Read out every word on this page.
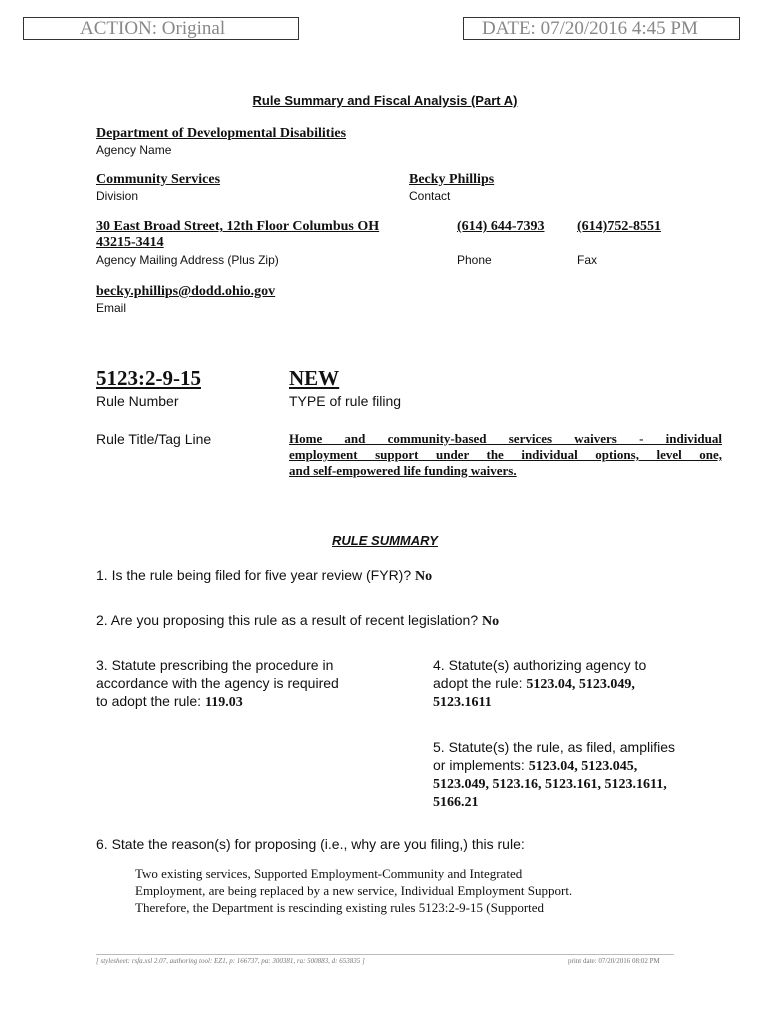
ACTION: Original	DATE: 07/20/2016 4:45 PM
Rule Summary and Fiscal Analysis (Part A)
Department of Developmental Disabilities
Agency Name
Community Services
Division
Becky Phillips
Contact
30 East Broad Street, 12th Floor Columbus OH
43215-3414
Agency Mailing Address (Plus Zip)
(614) 644-7393
Phone
(614)752-8551
Fax
becky.phillips@dodd.ohio.gov
Email
5123:2-9-15
Rule Number
NEW
TYPE of rule filing
Rule Title/Tag Line	Home and community-based services waivers - individual
employment support under the individual options, level one,
and self-empowered life funding waivers.
RULE SUMMARY
1. Is the rule being filed for five year review (FYR)? No
2. Are you proposing this rule as a result of recent legislation? No
3. Statute prescribing the procedure in
accordance with the agency is required
to adopt the rule: 119.03
4. Statute(s) authorizing agency to
adopt the rule: 5123.04, 5123.049,
5123.1611
5. Statute(s) the rule, as filed, amplifies
or implements: 5123.04, 5123.045,
5123.049, 5123.16, 5123.161, 5123.1611,
5166.21
6. State the reason(s) for proposing (i.e., why are you filing,) this rule:
Two existing services, Supported Employment-Community and Integrated
Employment, are being replaced by a new service, Individual Employment Support.
Therefore, the Department is rescinding existing rules 5123:2-9-15 (Supported
[ stylesheet: rsfa.xsl 2.07, authoring tool: EZ1, p: 166737, pa: 300381, ra: 500883, d: 653835 ]	print date: 07/20/2016 08:02 PM
